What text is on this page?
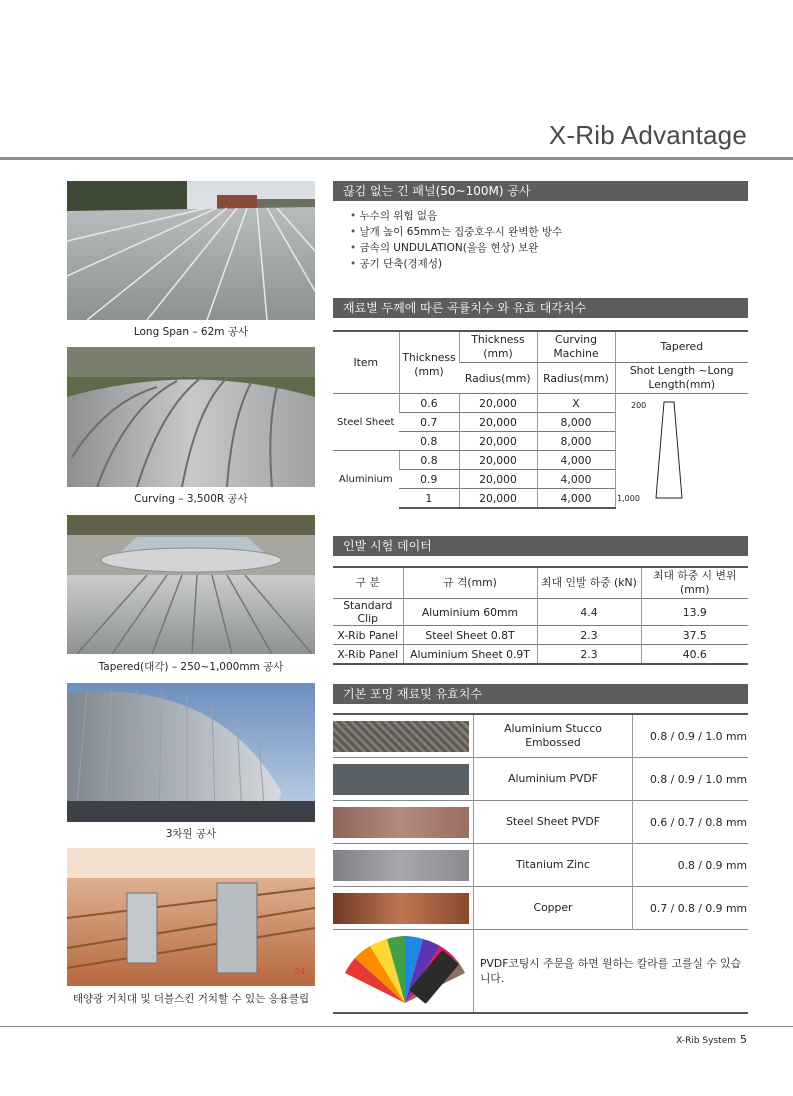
X-Rib Advantage
Long Span – 62m 공사
Curving – 3,500R 공사
Tapered(대각) – 250~1,000mm 공사
3차원 공사
04
태양광 거치대 및 더블스킨 거치할 수 있는 응용클립
끊김 없는 긴 패널(50~100M) 공사
• 누수의 위험 없음
• 날개 높이 65mm는 집중호우시 완벽한 방수
• 금속의 UNDULATION(울음 현상) 보완
• 공기 단축(경제성)
재료별 두께에 따른 곡률치수 와 유효 대각치수
Item	Thickness (mm)	Thickness (mm)	Curving Machine	Tapered
		Radius(mm)	Radius(mm)	Shot Length ~Long Length(mm)
Steel Sheet	0.6	20,000	X	200
1,000

	0.7	20,000	8,000	
	0.8	20,000	8,000	
Aluminium	0.8	20,000	4,000	
	0.9	20,000	4,000	
	1	20,000	4,000	
인발 시험 데이터
구 분	규 격(mm)	최대 인발 하중 (kN)	최대 하중 시 변위 (mm)
Standard Clip	Aluminium 60mm	4.4	13.9
X-Rib Panel	Steel Sheet 0.8T	2.3	37.5
X-Rib Panel	Aluminium Sheet 0.9T	2.3	40.6
기본 포밍 재료및 유효치수
	Aluminium Stucco Embossed	0.8 / 0.9 / 1.0 mm

	Aluminium PVDF	0.8 / 0.9 / 1.0 mm

	Steel Sheet PVDF	0.6 / 0.7 / 0.8 mm

	Titanium Zinc	0.8 / 0.9 mm

	Copper	0.7 / 0.8 / 0.9 mm

	PVDF코팅시 주문을 하면 원하는 칼라를 고를실 수 있습니다.	
X-Rib System 5
